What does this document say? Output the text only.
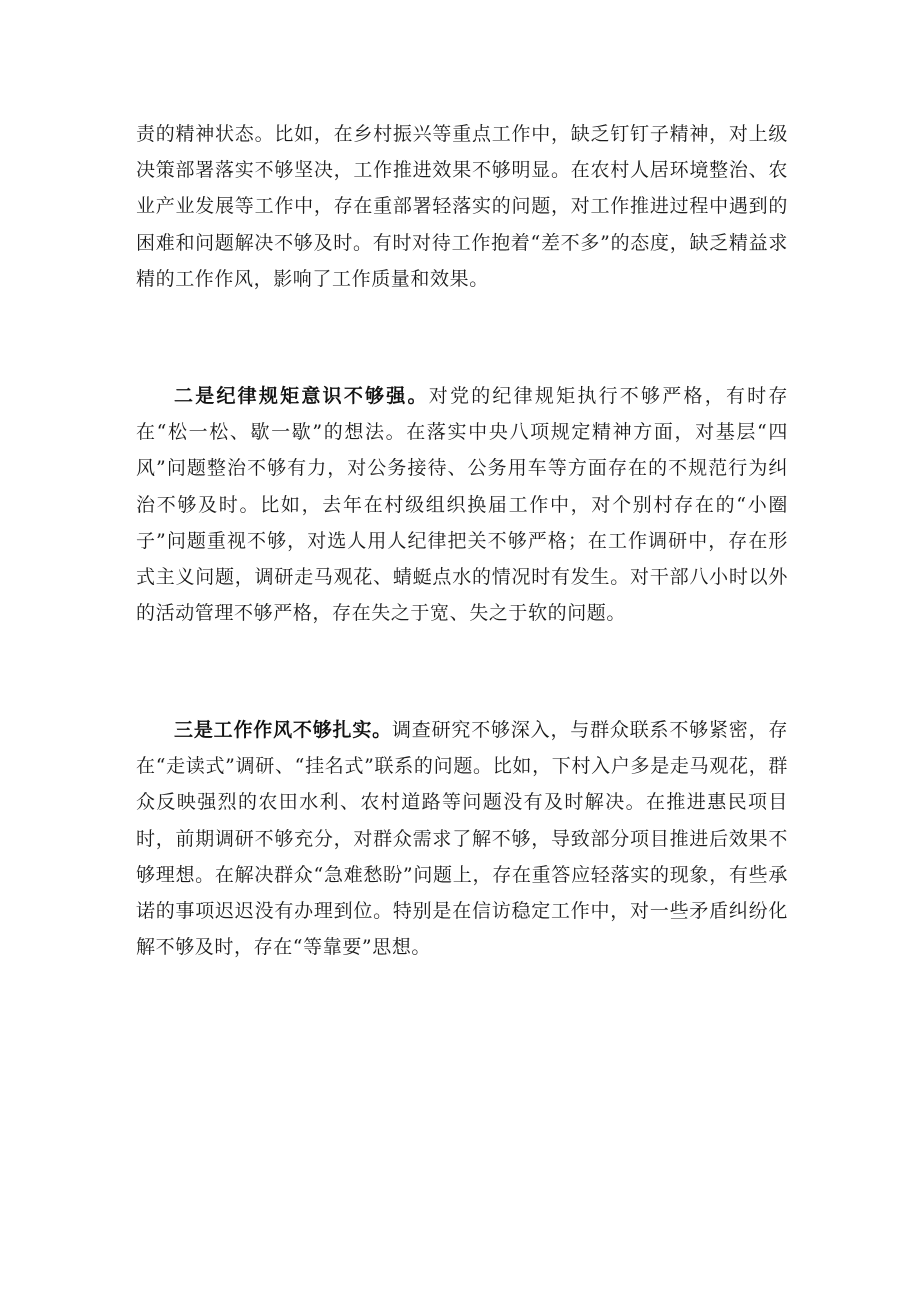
责的精神状态。比如，在乡村振兴等重点工作中，缺乏钉钉子精神，对上级决策部署落实不够坚决，工作推进效果不够明显。在农村人居环境整治、农业产业发展等工作中，存在重部署轻落实的问题，对工作推进过程中遇到的困难和问题解决不够及时。有时对待工作抱着“差不多”的态度，缺乏精益求精的工作作风，影响了工作质量和效果。

二是纪律规矩意识不够强。对党的纪律规矩执行不够严格，有时存在“松一松、歇一歇”的想法。在落实中央八项规定精神方面，对基层“四风”问题整治不够有力，对公务接待、公务用车等方面存在的不规范行为纠治不够及时。比如，去年在村级组织换届工作中，对个别村存在的“小圈子”问题重视不够，对选人用人纪律把关不够严格；在工作调研中，存在形式主义问题，调研走马观花、蜻蜓点水的情况时有发生。对干部八小时以外的活动管理不够严格，存在失之于宽、失之于软的问题。

三是工作作风不够扎实。调查研究不够深入，与群众联系不够紧密，存在“走读式”调研、“挂名式”联系的问题。比如，下村入户多是走马观花，群众反映强烈的农田水利、农村道路等问题没有及时解决。在推进惠民项目时，前期调研不够充分，对群众需求了解不够，导致部分项目推进后效果不够理想。在解决群众“急难愁盼”问题上，存在重答应轻落实的现象，有些承诺的事项迟迟没有办理到位。特别是在信访稳定工作中，对一些矛盾纠纷化解不够及时，存在“等靠要”思想。
